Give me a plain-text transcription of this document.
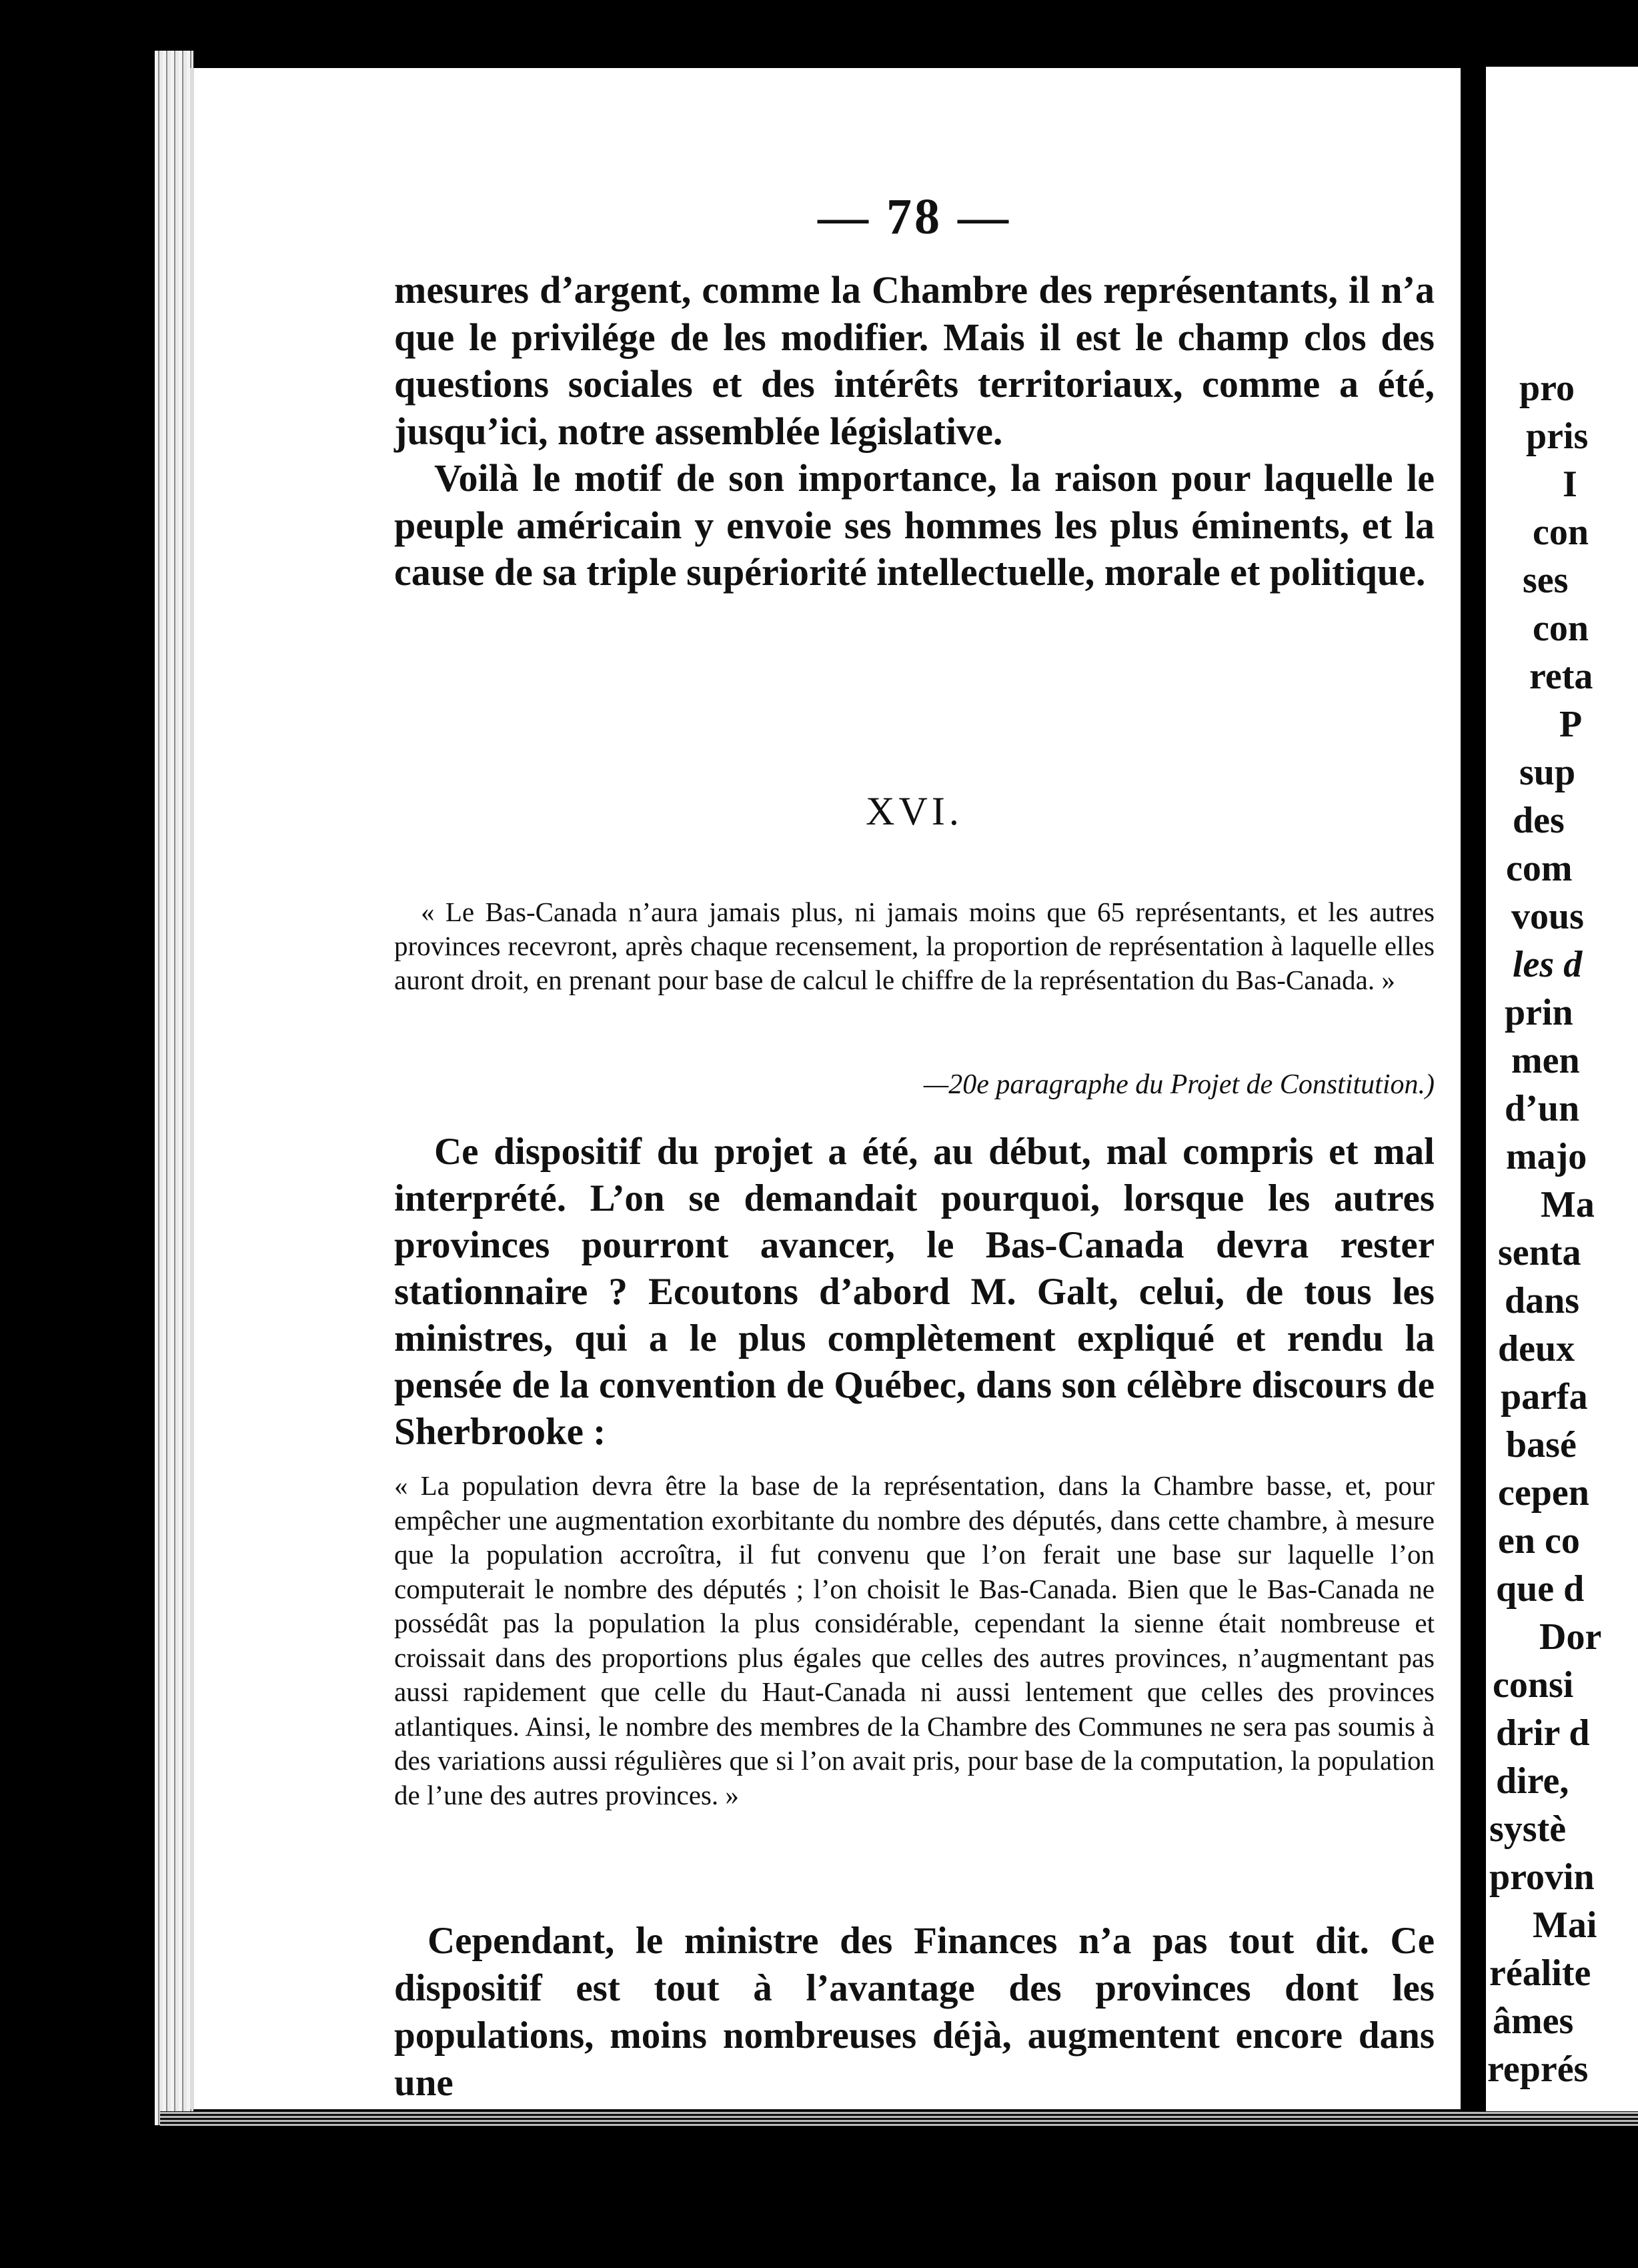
— 78 —

mesures d’argent, comme la Chambre des représentants, il n’a que le privilége de les modifier. Mais il est le champ clos des questions sociales et des intérêts territoriaux, comme a été, jusqu’ici, notre assemblée législative.

Voilà le motif de son importance, la raison pour laquelle le peuple américain y envoie ses hommes les plus éminents, et la cause de sa triple supériorité intellectuelle, morale et politique.

XVI.
« Le Bas-Canada n’aura jamais plus, ni jamais moins que 65 représentants, et les autres provinces recevront, après chaque recensement, la proportion de représentation à laquelle elles auront droit, en prenant pour base de calcul le chiffre de la représentation du Bas-Canada. »
—20e paragraphe du Projet de Constitution.)

Ce dispositif du projet a été, au début, mal compris et mal interprété. L’on se demandait pourquoi, lorsque les autres provinces pourront avancer, le Bas-Canada devra rester stationnaire ? Ecoutons d’abord M. Galt, celui, de tous les ministres, qui a le plus complètement expliqué et rendu la pensée de la convention de Québec, dans son célèbre discours de Sherbrooke :

« La population devra être la base de la représentation, dans la Chambre basse, et, pour empêcher une augmentation exorbitante du nombre des députés, dans cette chambre, à mesure que la population accroîtra, il fut convenu que l’on ferait une base sur laquelle l’on computerait le nombre des députés ; l’on choisit le Bas-Canada. Bien que le Bas-Canada ne possédât pas la population la plus considérable, cependant la sienne était nombreuse et croissait dans des proportions plus égales que celles des autres provinces, n’augmentant pas aussi rapidement que celle du Haut-Canada ni aussi lentement que celles des provinces atlantiques. Ainsi, le nombre des membres de la Chambre des Communes ne sera pas soumis à des variations aussi régulières que si l’on avait pris, pour base de la computation, la population de l’une des autres provinces. »

Cependant, le ministre des Finances n’a pas tout dit. Ce dispositif est tout à l’avantage des provinces dont les populations, moins nombreuses déjà, augmentent encore dans une

pro
pris
I
con
ses
con
reta
P
sup
des
com
vous
les d
prin
men
d’un
majo
Ma
senta
dans
deux
parfa
basé
cepen
en co
que d
Dor
consi
drir d
dire,
systè
provin
Mai
réalite
âmes
représ
